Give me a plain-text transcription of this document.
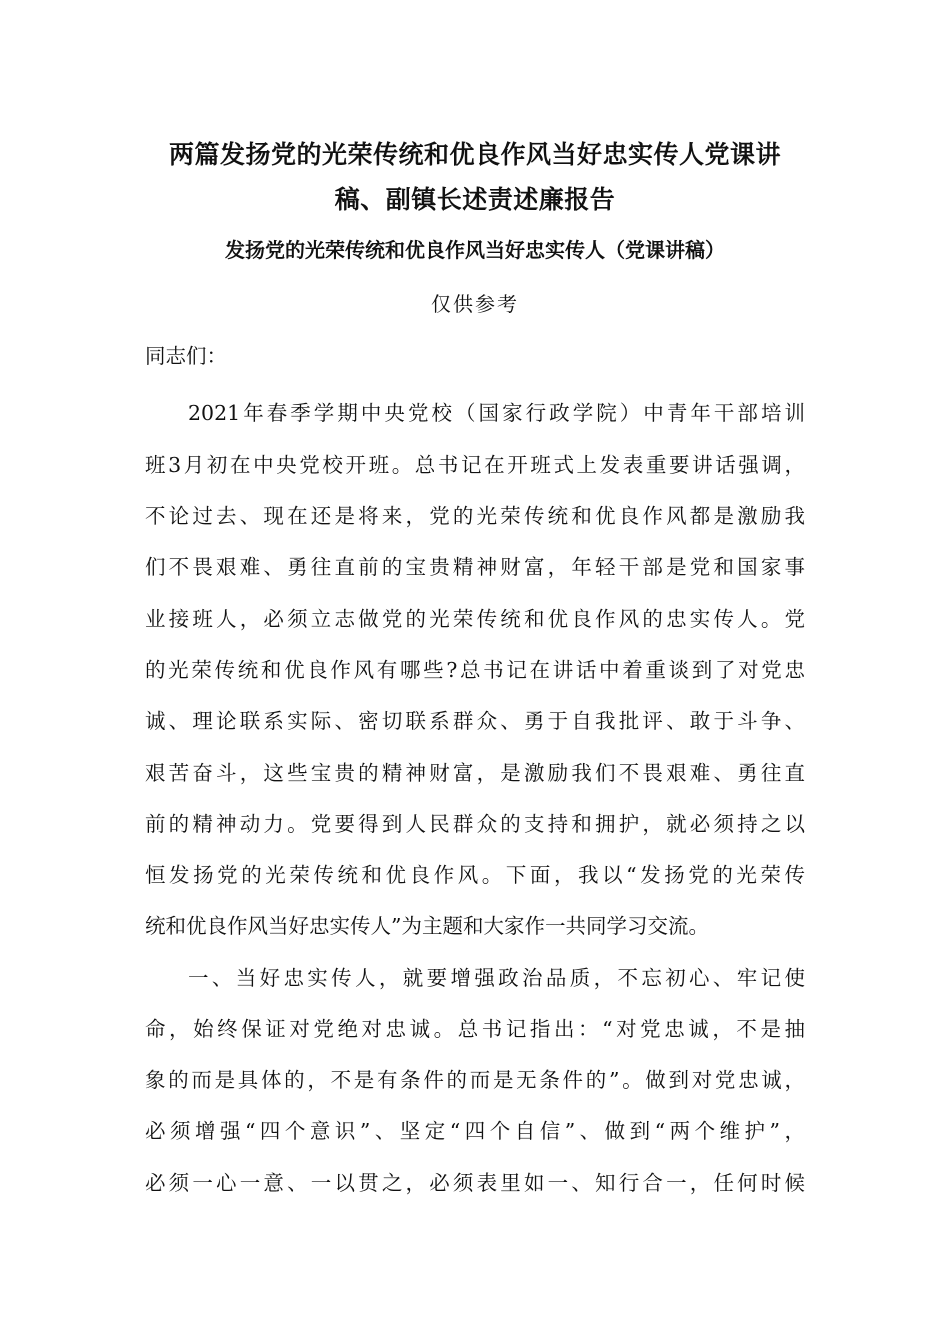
两篇发扬党的光荣传统和优良作风当好忠实传人党课讲
稿、副镇长述责述廉报告
发扬党的光荣传统和优良作风当好忠实传人（党课讲稿）

仅供参考

同志们：

2021年春季学期中央党校（国家行政学院）中青年干部培训

班3月初在中央党校开班。总书记在开班式上发表重要讲话强调，

不论过去、现在还是将来，党的光荣传统和优良作风都是激励我

们不畏艰难、勇往直前的宝贵精神财富，年轻干部是党和国家事

业接班人，必须立志做党的光荣传统和优良作风的忠实传人。党

的光荣传统和优良作风有哪些?总书记在讲话中着重谈到了对党忠

诚、理论联系实际、密切联系群众、勇于自我批评、敢于斗争、

艰苦奋斗，这些宝贵的精神财富，是激励我们不畏艰难、勇往直

前的精神动力。党要得到人民群众的支持和拥护，就必须持之以

恒发扬党的光荣传统和优良作风。下面，我以“发扬党的光荣传

统和优良作风当好忠实传人”为主题和大家作一共同学习交流。

一、当好忠实传人，就要增强政治品质，不忘初心、牢记使

命，始终保证对党绝对忠诚。总书记指出：“对党忠诚，不是抽

象的而是具体的，不是有条件的而是无条件的”。做到对党忠诚，

必须增强“四个意识”、坚定“四个自信”、做到“两个维护”，

必须一心一意、一以贯之，必须表里如一、知行合一，任何时候
